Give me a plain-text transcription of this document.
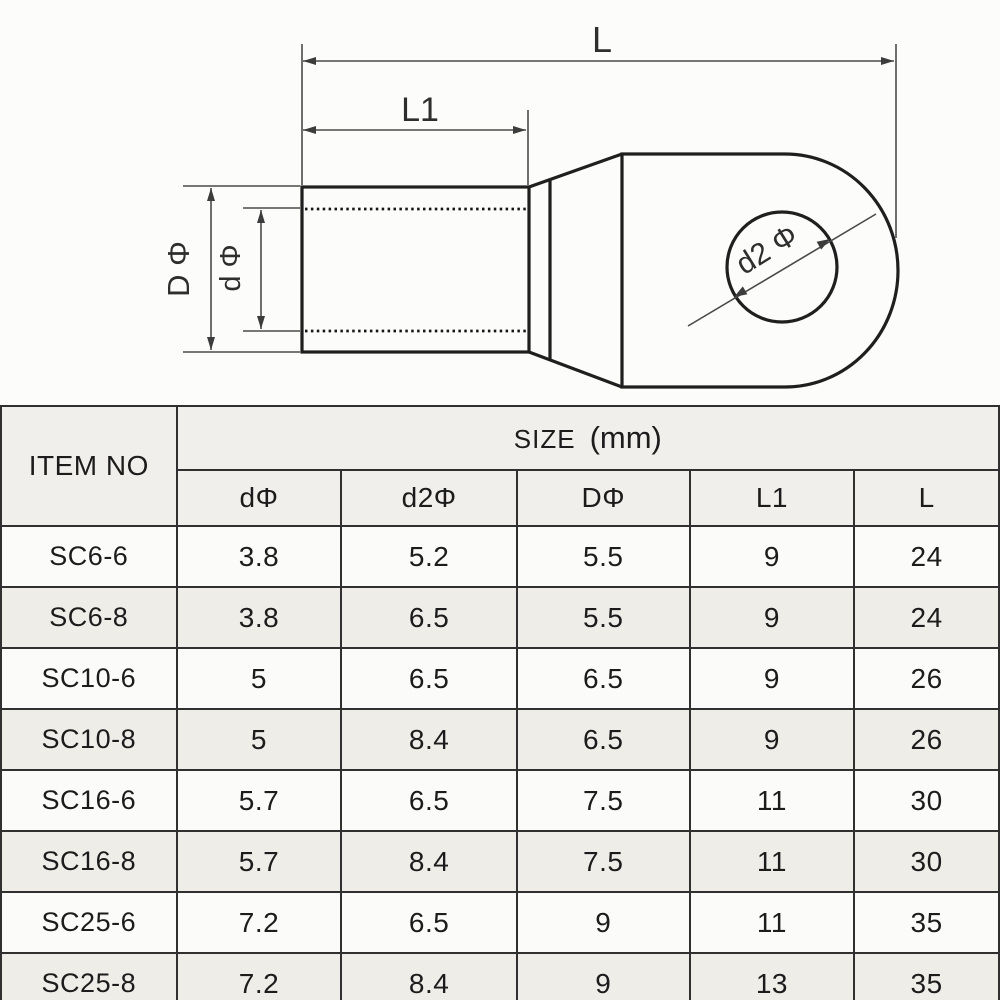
L
L1
D Φ d Φ	d2 Φ
ITEM NO	SIZE (mm)				
	dΦ	d2Φ	DΦ	L1	L
SC6-6	3.8	5.2	5.5	9	24
SC6-8	3.8	6.5	5.5	9	24
SC10-6	5	6.5	6.5	9	26
SC10-8	5	8.4	6.5	9	26
SC16-6	5.7	6.5	7.5	11	30
SC16-8	5.7	8.4	7.5	11	30
SC25-6	7.2	6.5	9	11	35
SC25-8	7.2	8.4	9	13	35
